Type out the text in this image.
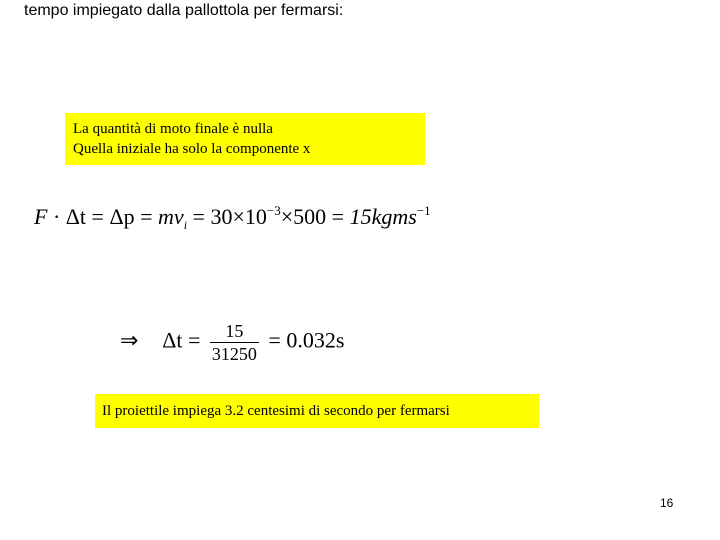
tempo impiegato dalla pallottola per fermarsi:
La quantità di moto finale è nulla
Quella iniziale ha solo la componente x
$F \cdot \Delta t = \Delta p = mv_i = 30\times 10^{-3}\times 500$ = 15kgms$^{-1}$
⇒ $\Delta t = \frac{15}{31250} = 0.032s$
Il proiettile impiega 3.2 centesimi di secondo per fermarsi
16
